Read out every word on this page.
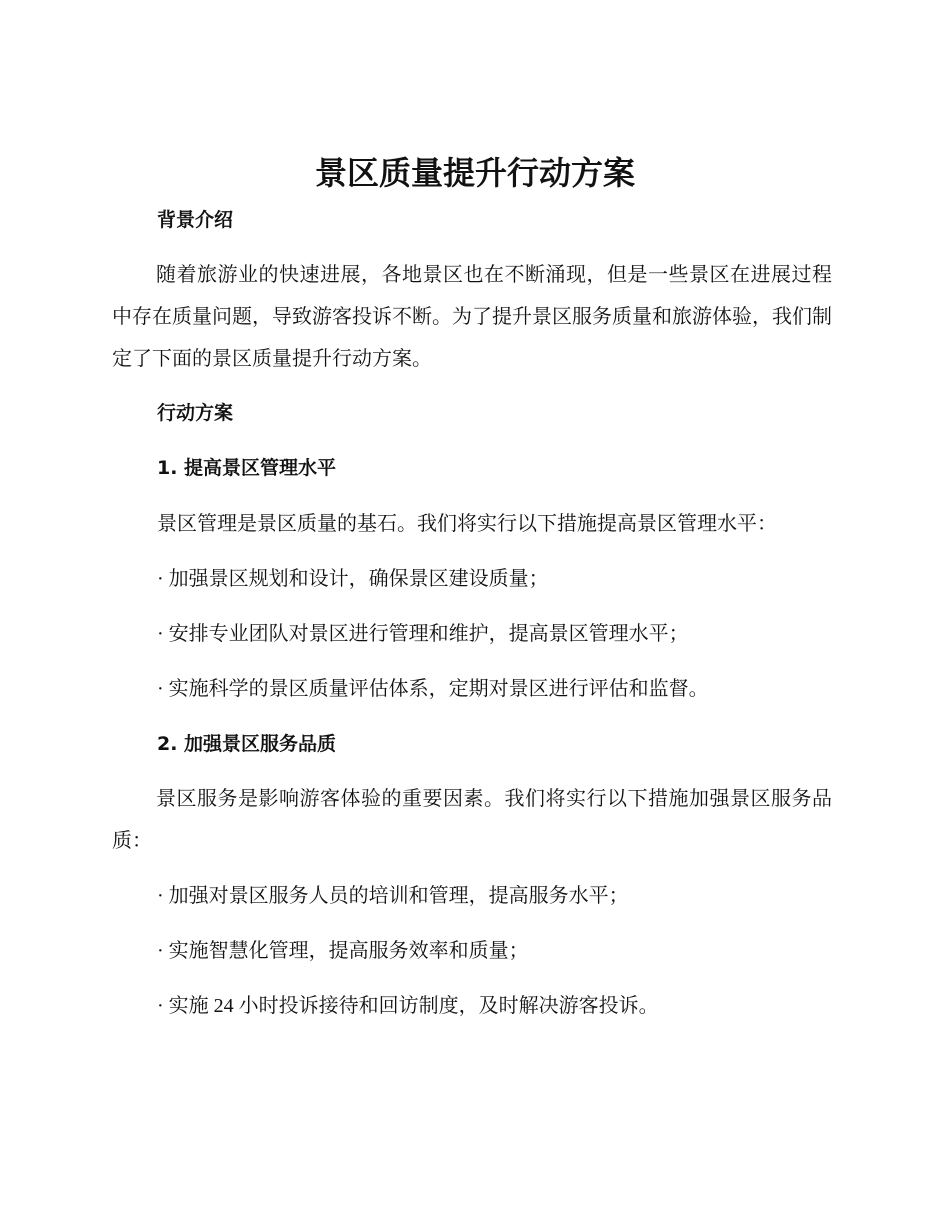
景区质量提升行动方案
背景介绍

随着旅游业的快速进展，各地景区也在不断涌现，但是一些景区在进展过程中存在质量问题，导致游客投诉不断。为了提升景区服务质量和旅游体验，我们制定了下面的景区质量提升行动方案。

行动方案
1. 提高景区管理水平
景区管理是景区质量的基石。我们将实行以下措施提高景区管理水平：
· 加强景区规划和设计，确保景区建设质量；
· 安排专业团队对景区进行管理和维护，提高景区管理水平；
· 实施科学的景区质量评估体系，定期对景区进行评估和监督。
2. 加强景区服务品质

景区服务是影响游客体验的重要因素。我们将实行以下措施加强景区服务品质：

· 加强对景区服务人员的培训和管理，提高服务水平；
· 实施智慧化管理，提高服务效率和质量；
· 实施 24 小时投诉接待和回访制度，及时解决游客投诉。
